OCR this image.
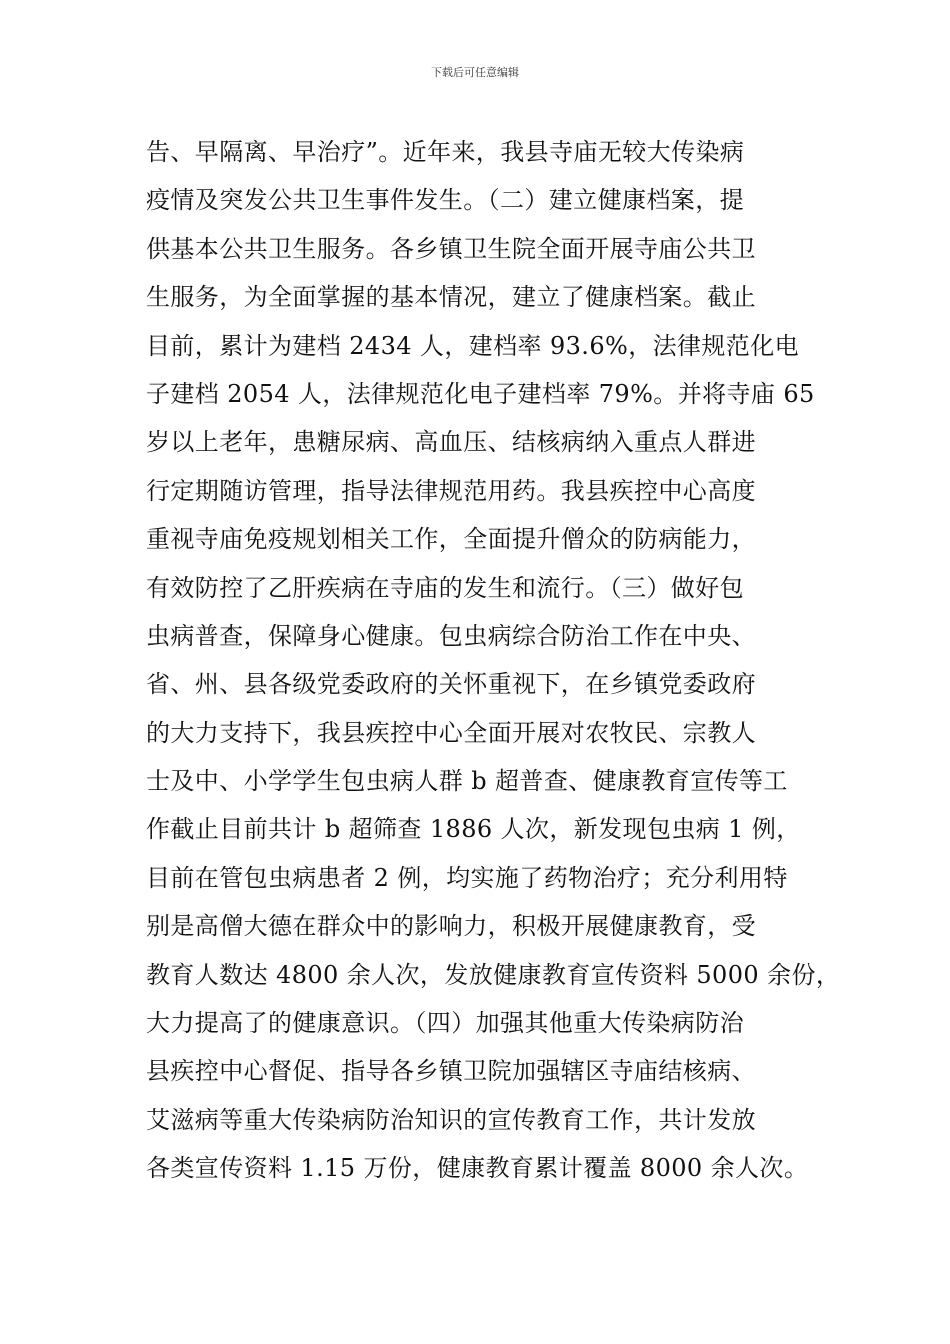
下载后可任意编辑
告、早隔离、早治疗”。近年来，我县寺庙无较大传染病
疫情及突发公共卫生事件发生。（二）建立健康档案，提
供基本公共卫生服务。各乡镇卫生院全面开展寺庙公共卫
生服务，为全面掌握的基本情况，建立了健康档案。截止
目前，累计为建档 2434 人，建档率 93.6%，法律规范化电
子建档 2054 人，法律规范化电子建档率 79%。并将寺庙 65
岁以上老年，患糖尿病、高血压、结核病纳入重点人群进
行定期随访管理，指导法律规范用药。我县疾控中心高度
重视寺庙免疫规划相关工作，全面提升僧众的防病能力，
有效防控了乙肝疾病在寺庙的发生和流行。（三）做好包
虫病普查，保障身心健康。包虫病综合防治工作在中央、
省、州、县各级党委政府的关怀重视下，在乡镇党委政府
的大力支持下，我县疾控中心全面开展对农牧民、宗教人
士及中、小学学生包虫病人群 b 超普查、健康教育宣传等工
作截止目前共计 b 超筛查 1886 人次，新发现包虫病 1 例，
目前在管包虫病患者 2 例，均实施了药物治疗；充分利用特
别是高僧大德在群众中的影响力，积极开展健康教育，受
教育人数达 4800 余人次，发放健康教育宣传资料 5000 余份，
大力提高了的健康意识。（四）加强其他重大传染病防治
县疾控中心督促、指导各乡镇卫院加强辖区寺庙结核病、
艾滋病等重大传染病防治知识的宣传教育工作，共计发放
各类宣传资料 1.15 万份，健康教育累计覆盖 8000 余人次。
